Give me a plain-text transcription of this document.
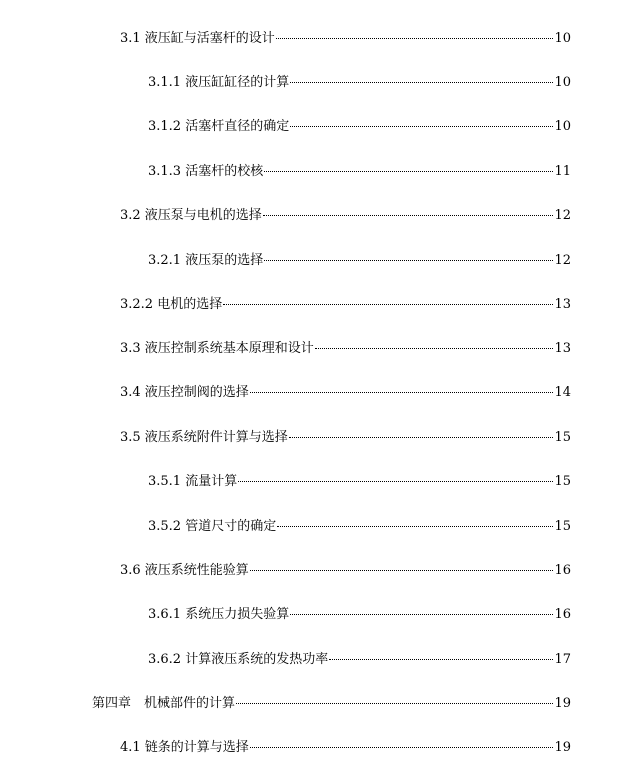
3.1 液压缸与活塞杆的设计	10
3.1.1 液压缸缸径的计算	10
3.1.2 活塞杆直径的确定	10
3.1.3 活塞杆的校核	11
3.2 液压泵与电机的选择	12
3.2.1 液压泵的选择	12
3.2.2 电机的选择	13
3.3 液压控制系统基本原理和设计	13
3.4 液压控制阀的选择	14
3.5 液压系统附件计算与选择	15
3.5.1 流量计算	15
3.5.2 管道尺寸的确定	15
3.6 液压系统性能验算	16
3.6.1 系统压力损失验算	16
3.6.2 计算液压系统的发热功率	17
第四章　机械部件的计算	19
4.1 链条的计算与选择	19
